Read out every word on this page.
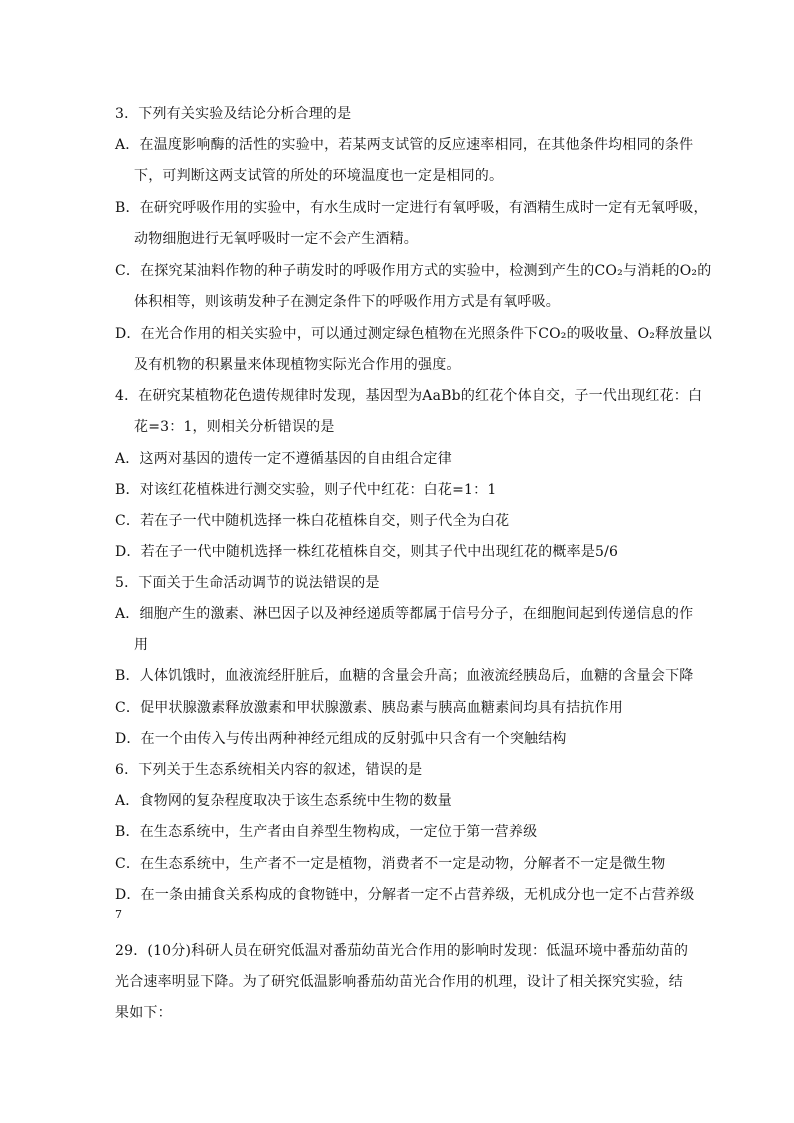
3．下列有关实验及结论分析合理的是
A．在温度影响酶的活性的实验中，若某两支试管的反应速率相同，在其他条件均相同的条件
下，可判断这两支试管的所处的环境温度也一定是相同的。
B．在研究呼吸作用的实验中，有水生成时一定进行有氧呼吸，有酒精生成时一定有无氧呼吸，
动物细胞进行无氧呼吸时一定不会产生酒精。
C．在探究某油料作物的种子萌发时的呼吸作用方式的实验中，检测到产生的CO₂与消耗的O₂的
体积相等，则该萌发种子在测定条件下的呼吸作用方式是有氧呼吸。
D．在光合作用的相关实验中，可以通过测定绿色植物在光照条件下CO₂的吸收量、O₂释放量以
及有机物的积累量来体现植物实际光合作用的强度。
4．在研究某植物花色遗传规律时发现，基因型为AaBb的红花个体自交，子一代出现红花：白
花=3：1，则相关分析错误的是
A．这两对基因的遗传一定不遵循基因的自由组合定律
B．对该红花植株进行测交实验，则子代中红花：白花=1：1
C．若在子一代中随机选择一株白花植株自交，则子代全为白花
D．若在子一代中随机选择一株红花植株自交，则其子代中出现红花的概率是5/6
5．下面关于生命活动调节的说法错误的是
A．细胞产生的激素、淋巴因子以及神经递质等都属于信号分子，在细胞间起到传递信息的作
用
B．人体饥饿时，血液流经肝脏后，血糖的含量会升高；血液流经胰岛后，血糖的含量会下降
C．促甲状腺激素释放激素和甲状腺激素、胰岛素与胰高血糖素间均具有拮抗作用
D．在一个由传入与传出两种神经元组成的反射弧中只含有一个突触结构
6．下列关于生态系统相关内容的叙述，错误的是
A．食物网的复杂程度取决于该生态系统中生物的数量
B．在生态系统中，生产者由自养型生物构成，一定位于第一营养级
C．在生态系统中，生产者不一定是植物，消费者不一定是动物，分解者不一定是微生物
D．在一条由捕食关系构成的食物链中，分解者一定不占营养级，无机成分也一定不占营养级
7
29．(10分)科研人员在研究低温对番茄幼苗光合作用的影响时发现：低温环境中番茄幼苗的
光合速率明显下降。为了研究低温影响番茄幼苗光合作用的机理，设计了相关探究实验，结
果如下：
